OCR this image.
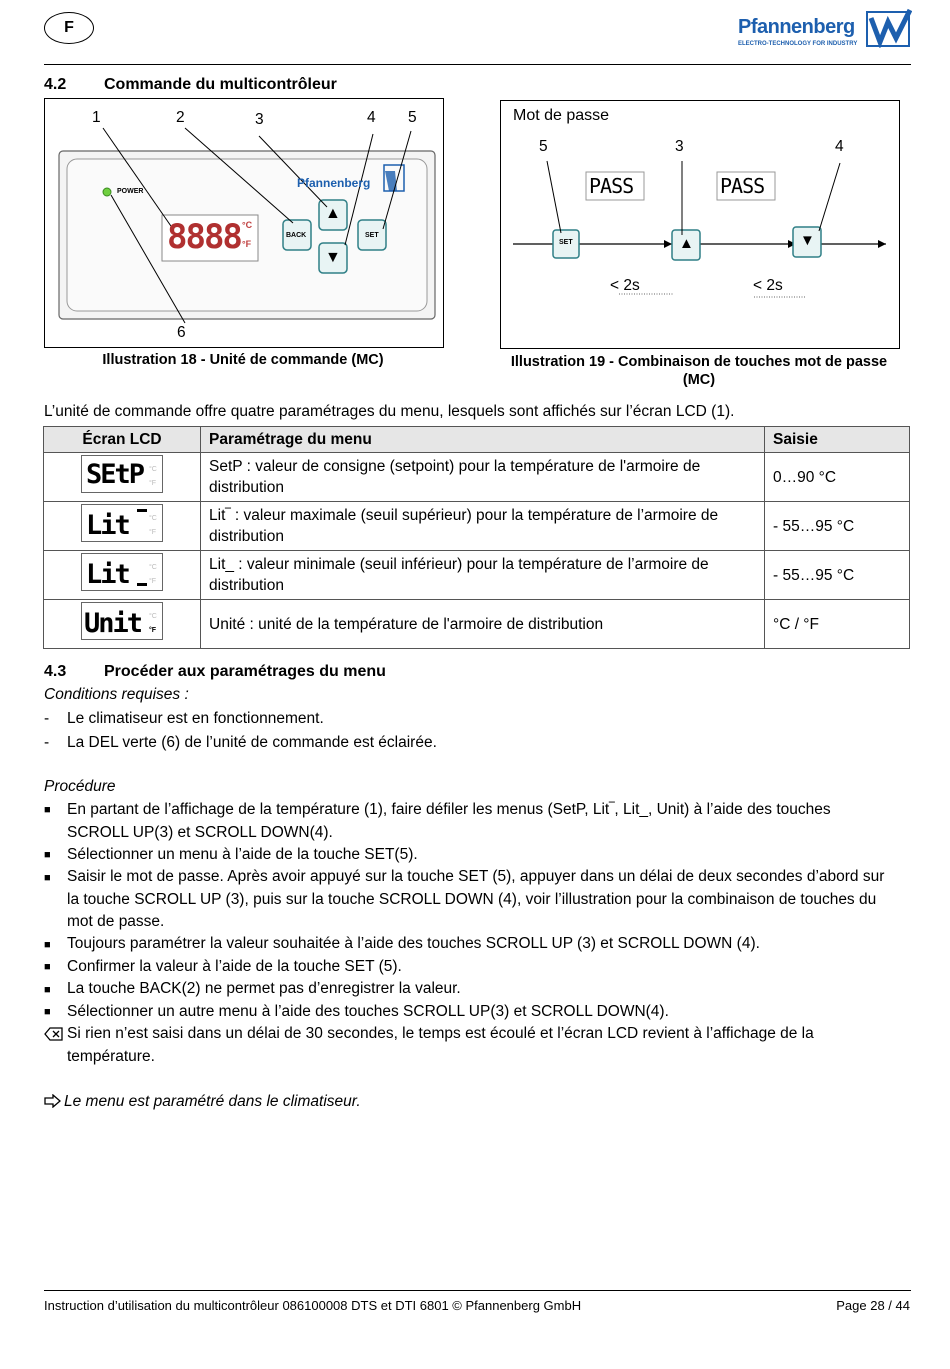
F	Pfannenberg
ELECTRO-TECHNOLOGY FOR INDUSTRY
4.2 Commande du multicontrôleur
1	2	3	4 5
6
POWER
Pfannenberg
8888 °C
°F
BACK	SET
▲
▼
Illustration 18 - Unité de commande (MC)
Mot de passe
5	3	4
PASS	PASS
SET	▲	▼
< 2s	< 2s
Illustration 19 - Combinaison de touches mot de passe
(MC)
L’unité de commande offre quatre paramétrages du menu, lesquels sont affichés sur l’écran LCD (1).
Écran LCD	Paramétrage du menu	Saisie

SEtP °C
°F	SetP : valeur de consigne (setpoint) pour la température de l'armoire de distribution	0…90 °C

Lit °C
°F	Lit‾ : valeur maximale (seuil supérieur) pour la température de l’armoire de distribution	- 55…95 °C

Lit °C
°F	Lit_ : valeur minimale (seuil inférieur) pour la température de l’armoire de distribution	- 55…95 °C

Unit °C
°F	Unité : unité de la température de l'armoire de distribution	°C / °F
4.3 Procéder aux paramétrages du menu
Conditions requises :
- Le climatiseur est en fonctionnement.
- La DEL verte (6) de l’unité de commande est éclairée.
Procédure
■ En partant de l’affichage de la température (1), faire défiler les menus (SetP, Lit‾, Lit_, Unit) à l’aide des touches SCROLL UP(3) et SCROLL DOWN(4).
■ Sélectionner un menu à l’aide de la touche SET(5).
■ Saisir le mot de passe. Après avoir appuyé sur la touche SET (5), appuyer dans un délai de deux secondes d’abord sur la touche SCROLL UP (3), puis sur la touche SCROLL DOWN (4), voir l’illustration pour la combinaison de touches du mot de passe.
■ Toujours paramétrer la valeur souhaitée à l’aide des touches SCROLL UP (3) et SCROLL DOWN (4).
■ Confirmer la valeur à l’aide de la touche SET (5).
■ La touche BACK(2) ne permet pas d’enregistrer la valeur.
■ Sélectionner un autre menu à l’aide des touches SCROLL UP(3) et SCROLL DOWN(4).
Si rien n’est saisi dans un délai de 30 secondes, le temps est écoulé et l’écran LCD revient à l’affichage de la température.
Le menu est paramétré dans le climatiseur.
Instruction d’utilisation du multicontrôleur 086100008 DTS et DTI 6801 © Pfannenberg GmbH	Page 28 / 44
